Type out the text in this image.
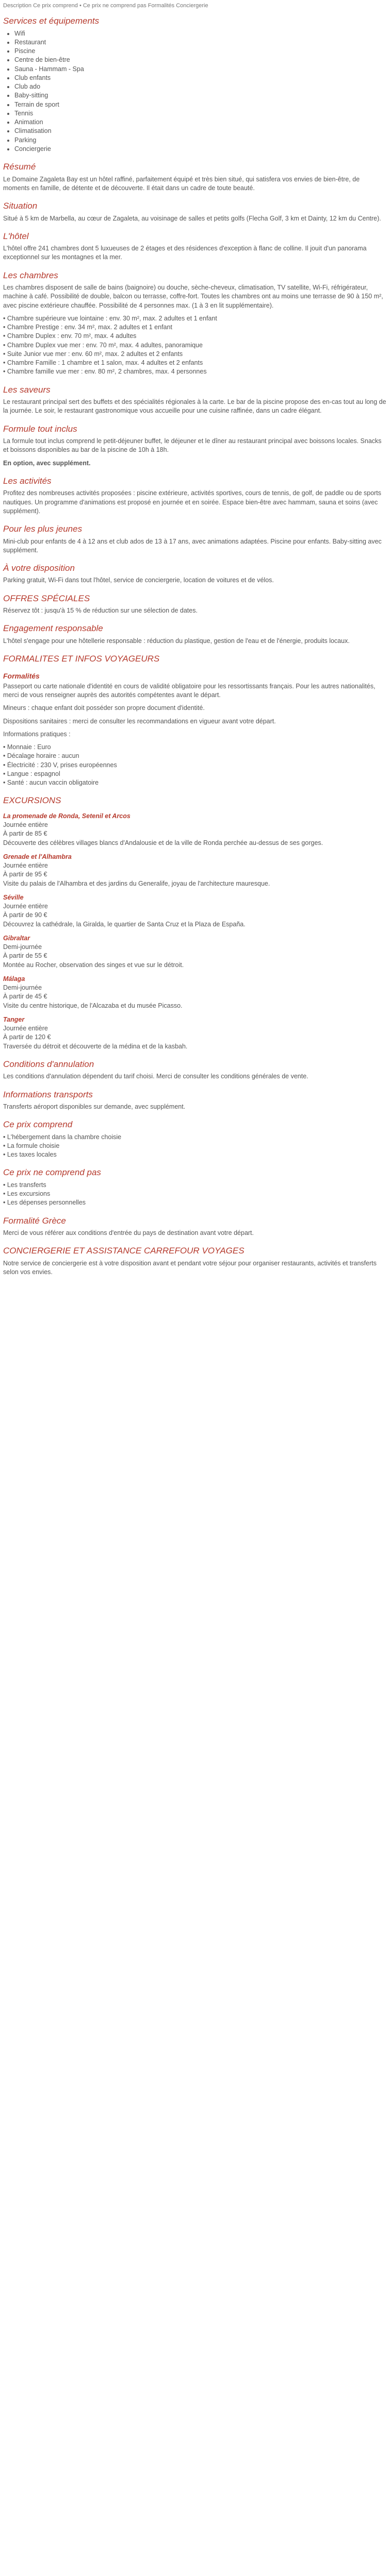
Description Ce prix comprend • Ce prix ne comprend pas Formalités Conciergerie
Services et équipements
• Wifi
• Restaurant
• Piscine
• Centre de bien-être
• Sauna - Hammam - Spa
• Club enfants
• Club ado
• Baby-sitting
• Terrain de sport
• Tennis
• Animation
• Climatisation
• Parking
• Conciergerie
Résumé

Le Domaine Zagaleta Bay est un hôtel raffiné, parfaitement équipé et très bien situé, qui satisfera vos envies de bien-être, de moments en famille, de détente et de découverte. Il était dans un cadre de toute beauté.

Situation

Situé à 5 km de Marbella, au cœur de Zagaleta, au voisinage de salles et petits golfs (Flecha Golf, 3 km et Dainty, 12 km du Centre).

L'hôtel

L'hôtel offre 241 chambres dont 5 luxueuses de 2 étages et des résidences d'exception à flanc de colline. Il jouit d'un panorama exceptionnel sur les montagnes et la mer.

Les chambres

Les chambres disposent de salle de bains (baignoire) ou douche, sèche-cheveux, climatisation, TV satellite, Wi-Fi, réfrigérateur, machine à café. Possibilité de double, balcon ou terrasse, coffre-fort. Toutes les chambres ont au moins une terrasse de 90 à 150 m², avec piscine extérieure chauffée. Possibilité de 4 personnes max. (1 à 3 en lit supplémentaire).

• Chambre supérieure vue lointaine : env. 30 m², max. 2 adultes et 1 enfant

• Chambre Prestige : env. 34 m², max. 2 adultes et 1 enfant

• Chambre Duplex : env. 70 m², max. 4 adultes

• Chambre Duplex vue mer : env. 70 m², max. 4 adultes, panoramique

• Suite Junior vue mer : env. 60 m², max. 2 adultes et 2 enfants

• Chambre Famille : 1 chambre et 1 salon, max. 4 adultes et 2 enfants

• Chambre famille vue mer : env. 80 m², 2 chambres, max. 4 personnes

Les saveurs

Le restaurant principal sert des buffets et des spécialités régionales à la carte. Le bar de la piscine propose des en-cas tout au long de la journée. Le soir, le restaurant gastronomique vous accueille pour une cuisine raffinée, dans un cadre élégant.

Formule tout inclus

La formule tout inclus comprend le petit-déjeuner buffet, le déjeuner et le dîner au restaurant principal avec boissons locales. Snacks et boissons disponibles au bar de la piscine de 10h à 18h.

En option, avec supplément.

Les activités

Profitez des nombreuses activités proposées : piscine extérieure, activités sportives, cours de tennis, de golf, de paddle ou de sports nautiques. Un programme d'animations est proposé en journée et en soirée. Espace bien-être avec hammam, sauna et soins (avec supplément).

Pour les plus jeunes

Mini-club pour enfants de 4 à 12 ans et club ados de 13 à 17 ans, avec animations adaptées. Piscine pour enfants. Baby-sitting avec supplément.

À votre disposition

Parking gratuit, Wi-Fi dans tout l'hôtel, service de conciergerie, location de voitures et de vélos.

OFFRES SPÉCIALES

Réservez tôt : jusqu'à 15 % de réduction sur une sélection de dates.

Engagement responsable

L'hôtel s'engage pour une hôtellerie responsable : réduction du plastique, gestion de l'eau et de l'énergie, produits locaux.

FORMALITES ET INFOS VOYAGEURS
Formalités

Passeport ou carte nationale d'identité en cours de validité obligatoire pour les ressortissants français. Pour les autres nationalités, merci de vous renseigner auprès des autorités compétentes avant le départ.

Mineurs : chaque enfant doit posséder son propre document d'identité.

Dispositions sanitaires : merci de consulter les recommandations en vigueur avant votre départ.

Informations pratiques :

• Monnaie : Euro

• Décalage horaire : aucun

• Électricité : 230 V, prises européennes

• Langue : espagnol

• Santé : aucun vaccin obligatoire

EXCURSIONS
La promenade de Ronda, Setenil et Arcos
Journée entière
À partir de 85 €
Découverte des célèbres villages blancs d'Andalousie et de la ville de Ronda perchée au-dessus de ses gorges.
Grenade et l'Alhambra
Journée entière
À partir de 95 €
Visite du palais de l'Alhambra et des jardins du Generalife, joyau de l'architecture mauresque.
Séville
Journée entière
À partir de 90 €
Découvrez la cathédrale, la Giralda, le quartier de Santa Cruz et la Plaza de España.
Gibraltar
Demi-journée
À partir de 55 €
Montée au Rocher, observation des singes et vue sur le détroit.
Málaga
Demi-journée
À partir de 45 €
Visite du centre historique, de l'Alcazaba et du musée Picasso.
Tanger
Journée entière
À partir de 120 €
Traversée du détroit et découverte de la médina et de la kasbah.
Conditions d'annulation

Les conditions d'annulation dépendent du tarif choisi. Merci de consulter les conditions générales de vente.

Informations transports

Transferts aéroport disponibles sur demande, avec supplément.

Ce prix comprend

• L'hébergement dans la chambre choisie

• La formule choisie

• Les taxes locales

Ce prix ne comprend pas

• Les transferts

• Les excursions

• Les dépenses personnelles

Formalité Grèce

Merci de vous référer aux conditions d'entrée du pays de destination avant votre départ.

CONCIERGERIE ET ASSISTANCE CARREFOUR VOYAGES

Notre service de conciergerie est à votre disposition avant et pendant votre séjour pour organiser restaurants, activités et transferts selon vos envies.
